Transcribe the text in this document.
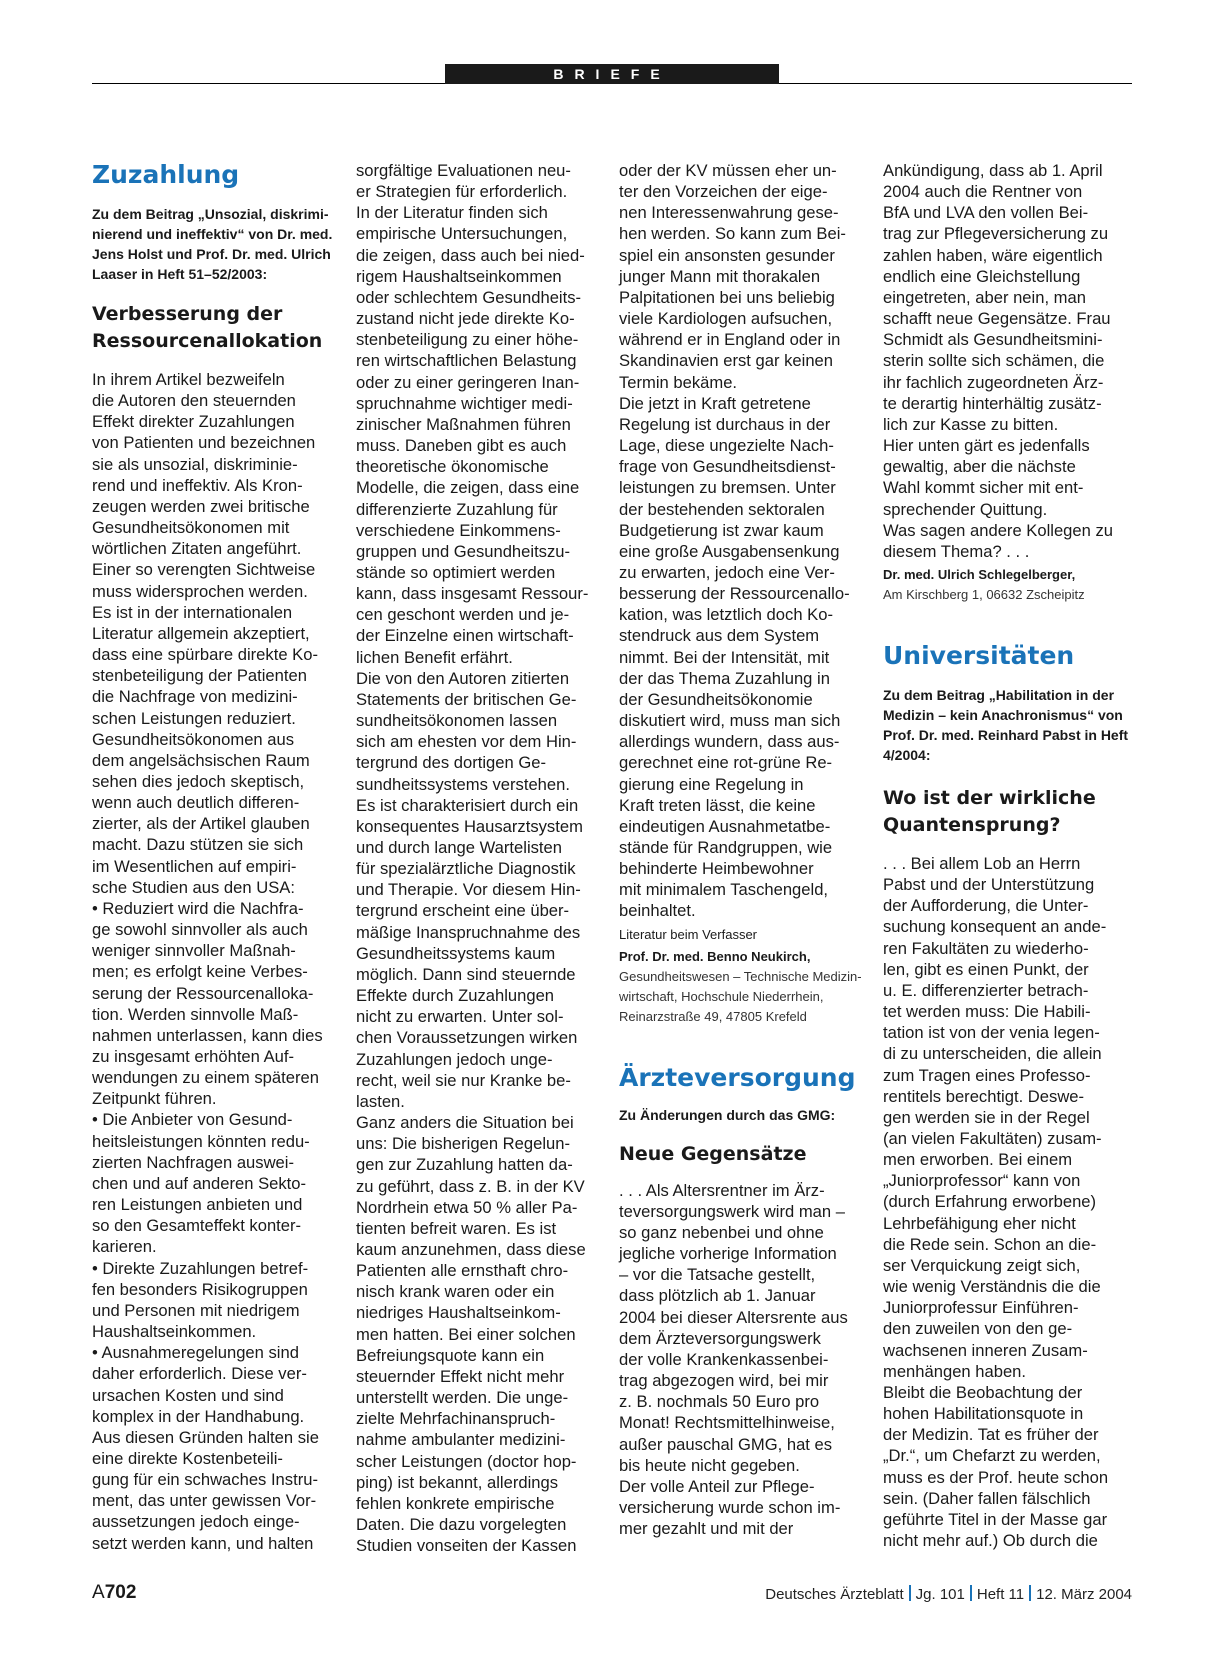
BRIEFE
Zuzahlung

Zu dem Beitrag „Unsozial, diskrimi-
nierend und ineffektiv“ von Dr. med.
Jens Holst und Prof. Dr. med. Ulrich
Laaser in Heft 51–52/2003:

Verbesserung der
Ressourcenallokation

In ihrem Artikel bezweifeln
die Autoren den steuernden
Effekt direkter Zuzahlungen
von Patienten und bezeichnen
sie als unsozial, diskriminie-
rend und ineffektiv. Als Kron-
zeugen werden zwei britische
Gesundheitsökonomen mit
wörtlichen Zitaten angeführt.
Einer so verengten Sichtweise
muss widersprochen werden.
Es ist in der internationalen
Literatur allgemein akzeptiert,
dass eine spürbare direkte Ko-
stenbeteiligung der Patienten
die Nachfrage von medizini-
schen Leistungen reduziert.
Gesundheitsökonomen aus
dem angelsächsischen Raum
sehen dies jedoch skeptisch,
wenn auch deutlich differen-
zierter, als der Artikel glauben
macht. Dazu stützen sie sich
im Wesentlichen auf empiri-
sche Studien aus den USA:
• Reduziert wird die Nachfra-
ge sowohl sinnvoller als auch
weniger sinnvoller Maßnah-
men; es erfolgt keine Verbes-
serung der Ressourcenalloka-
tion. Werden sinnvolle Maß-
nahmen unterlassen, kann dies
zu insgesamt erhöhten Auf-
wendungen zu einem späteren
Zeitpunkt führen.
• Die Anbieter von Gesund-
heitsleistungen könnten redu-
zierten Nachfragen auswei-
chen und auf anderen Sekto-
ren Leistungen anbieten und
so den Gesamteffekt konter-
karieren.
• Direkte Zuzahlungen betref-
fen besonders Risikogruppen
und Personen mit niedrigem
Haushaltseinkommen.
• Ausnahmeregelungen sind
daher erforderlich. Diese ver-
ursachen Kosten und sind
komplex in der Handhabung.
Aus diesen Gründen halten sie
eine direkte Kostenbeteili-
gung für ein schwaches Instru-
ment, das unter gewissen Vor-
aussetzungen jedoch einge-
setzt werden kann, und halten

sorgfältige Evaluationen neu-
er Strategien für erforderlich.
In der Literatur finden sich
empirische Untersuchungen,
die zeigen, dass auch bei nied-
rigem Haushaltseinkommen
oder schlechtem Gesundheits-
zustand nicht jede direkte Ko-
stenbeteiligung zu einer höhe-
ren wirtschaftlichen Belastung
oder zu einer geringeren Inan-
spruchnahme wichtiger medi-
zinischer Maßnahmen führen
muss. Daneben gibt es auch
theoretische ökonomische
Modelle, die zeigen, dass eine
differenzierte Zuzahlung für
verschiedene Einkommens-
gruppen und Gesundheitszu-
stände so optimiert werden
kann, dass insgesamt Ressour-
cen geschont werden und je-
der Einzelne einen wirtschaft-
lichen Benefit erfährt.
Die von den Autoren zitierten
Statements der britischen Ge-
sundheitsökonomen lassen
sich am ehesten vor dem Hin-
tergrund des dortigen Ge-
sundheitssystems verstehen.
Es ist charakterisiert durch ein
konsequentes Hausarztsystem
und durch lange Wartelisten
für spezialärztliche Diagnostik
und Therapie. Vor diesem Hin-
tergrund erscheint eine über-
mäßige Inanspruchnahme des
Gesundheitssystems kaum
möglich. Dann sind steuernde
Effekte durch Zuzahlungen
nicht zu erwarten. Unter sol-
chen Voraussetzungen wirken
Zuzahlungen jedoch unge-
recht, weil sie nur Kranke be-
lasten.
Ganz anders die Situation bei
uns: Die bisherigen Regelun-
gen zur Zuzahlung hatten da-
zu geführt, dass z. B. in der KV
Nordrhein etwa 50 % aller Pa-
tienten befreit waren. Es ist
kaum anzunehmen, dass diese
Patienten alle ernsthaft chro-
nisch krank waren oder ein
niedriges Haushaltseinkom-
men hatten. Bei einer solchen
Befreiungsquote kann ein
steuernder Effekt nicht mehr
unterstellt werden. Die unge-
zielte Mehrfachinanspruch-
nahme ambulanter medizini-
scher Leistungen (doctor hop-
ping) ist bekannt, allerdings
fehlen konkrete empirische
Daten. Die dazu vorgelegten
Studien vonseiten der Kassen

oder der KV müssen eher un-
ter den Vorzeichen der eige-
nen Interessenwahrung gese-
hen werden. So kann zum Bei-
spiel ein ansonsten gesunder
junger Mann mit thorakalen
Palpitationen bei uns beliebig
viele Kardiologen aufsuchen,
während er in England oder in
Skandinavien erst gar keinen
Termin bekäme.
Die jetzt in Kraft getretene
Regelung ist durchaus in der
Lage, diese ungezielte Nach-
frage von Gesundheitsdienst-
leistungen zu bremsen. Unter
der bestehenden sektoralen
Budgetierung ist zwar kaum
eine große Ausgabensenkung
zu erwarten, jedoch eine Ver-
besserung der Ressourcenallo-
kation, was letztlich doch Ko-
stendruck aus dem System
nimmt. Bei der Intensität, mit
der das Thema Zuzahlung in
der Gesundheitsökonomie
diskutiert wird, muss man sich
allerdings wundern, dass aus-
gerechnet eine rot-grüne Re-
gierung eine Regelung in
Kraft treten lässt, die keine
eindeutigen Ausnahmetatbe-
stände für Randgruppen, wie
behinderte Heimbewohner
mit minimalem Taschengeld,
beinhaltet.

Literatur beim Verfasser

Prof. Dr. med. Benno Neukirch,

Gesundheitswesen – Technische Medizin-
wirtschaft, Hochschule Niederrhein,
Reinarzstraße 49, 47805 Krefeld

Ärzteversorgung

Zu Änderungen durch das GMG:

Neue Gegensätze

. . . Als Altersrentner im Ärz-
teversorgungswerk wird man –
so ganz nebenbei und ohne
jegliche vorherige Information
– vor die Tatsache gestellt,
dass plötzlich ab 1. Januar
2004 bei dieser Altersrente aus
dem Ärzteversorgungswerk
der volle Krankenkassenbei-
trag abgezogen wird, bei mir
z. B. nochmals 50 Euro pro
Monat! Rechtsmittelhinweise,
außer pauschal GMG, hat es
bis heute nicht gegeben.
Der volle Anteil zur Pflege-
versicherung wurde schon im-
mer gezahlt und mit der

Ankündigung, dass ab 1. April
2004 auch die Rentner von
BfA und LVA den vollen Bei-
trag zur Pflegeversicherung zu
zahlen haben, wäre eigentlich
endlich eine Gleichstellung
eingetreten, aber nein, man
schafft neue Gegensätze. Frau
Schmidt als Gesundheitsmini-
sterin sollte sich schämen, die
ihr fachlich zugeordneten Ärz-
te derartig hinterhältig zusätz-
lich zur Kasse zu bitten.
Hier unten gärt es jedenfalls
gewaltig, aber die nächste
Wahl kommt sicher mit ent-
sprechender Quittung.
Was sagen andere Kollegen zu
diesem Thema? . . .

Dr. med. Ulrich Schlegelberger,

Am Kirschberg 1, 06632 Zscheipitz

Universitäten

Zu dem Beitrag „Habilitation in der
Medizin – kein Anachronismus“ von
Prof. Dr. med. Reinhard Pabst in Heft
4/2004:

Wo ist der wirkliche
Quantensprung?

. . . Bei allem Lob an Herrn
Pabst und der Unterstützung
der Aufforderung, die Unter-
suchung konsequent an ande-
ren Fakultäten zu wiederho-
len, gibt es einen Punkt, der
u. E. differenzierter betrach-
tet werden muss: Die Habili-
tation ist von der venia legen-
di zu unterscheiden, die allein
zum Tragen eines Professo-
rentitels berechtigt. Deswe-
gen werden sie in der Regel
(an vielen Fakultäten) zusam-
men erworben. Bei einem
„Juniorprofessor“ kann von
(durch Erfahrung erworbene)
Lehrbefähigung eher nicht
die Rede sein. Schon an die-
ser Verquickung zeigt sich,
wie wenig Verständnis die die
Juniorprofessur Einführen-
den zuweilen von den ge-
wachsenen inneren Zusam-
menhängen haben.
Bleibt die Beobachtung der
hohen Habilitationsquote in
der Medizin. Tat es früher der
„Dr.“, um Chefarzt zu werden,
muss es der Prof. heute schon
sein. (Daher fallen fälschlich
geführte Titel in der Masse gar
nicht mehr auf.) Ob durch die

A702	Deutsches Ärzteblatt Jg. 101 Heft 11 12. März 2004
